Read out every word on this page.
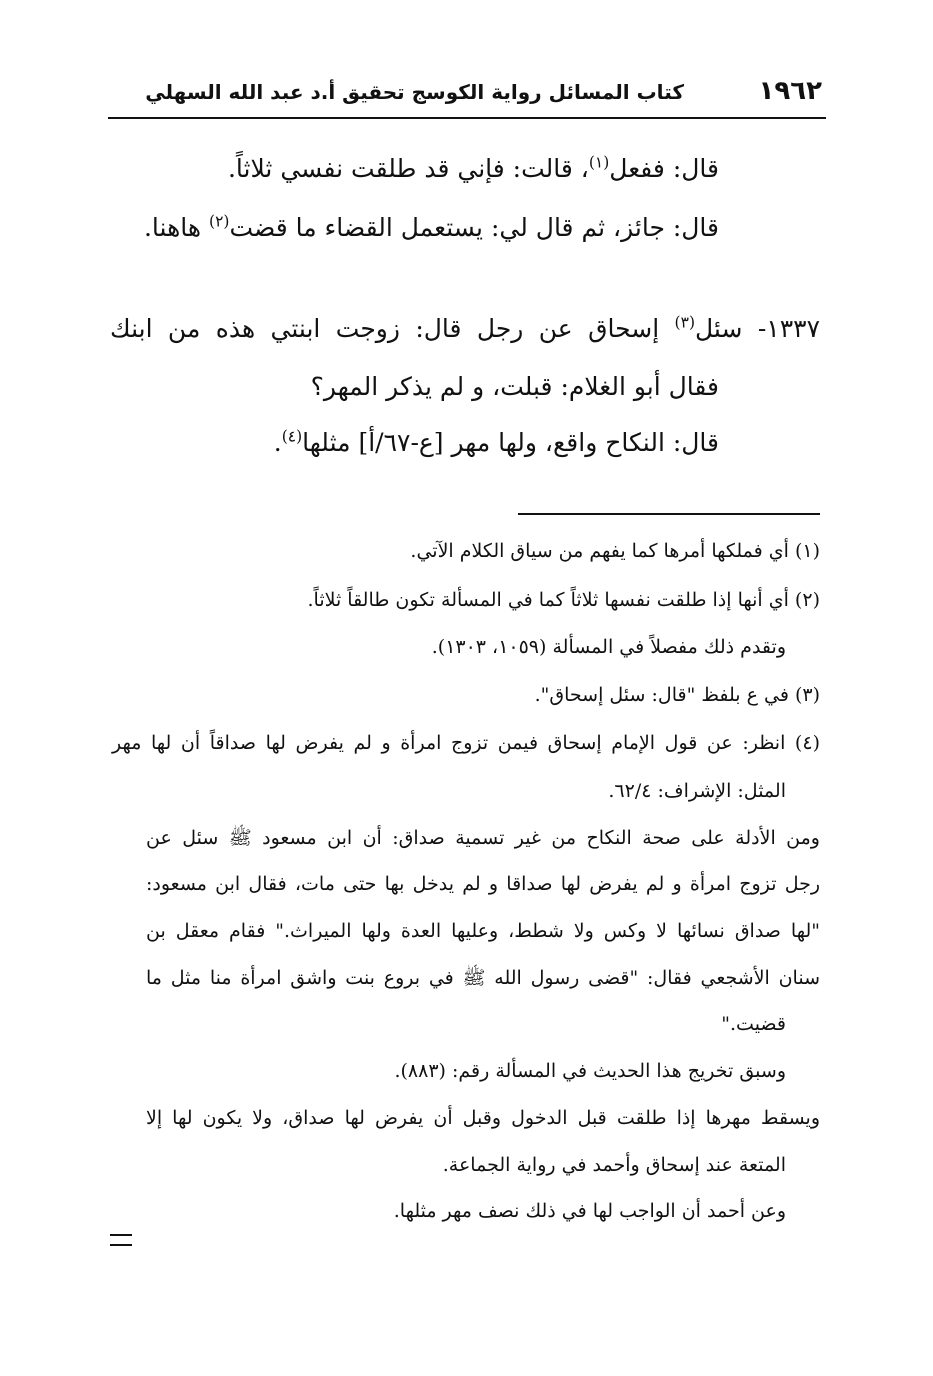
١٩٦٢
كتاب المسائل رواية الكوسج تحقيق أ.د عبد الله السهلي
قال: ففعل$^{(١)}$، قالت: فإني قد طلقت نفسي ثلاثاً.
قال: جائز، ثم قال لي: يستعمل القضاء ما قضت$^{(٢)}$ هاهنا.
١٣٣٧- سئل$^{(٣)}$ إسحاق عن رجل قال: زوجت ابنتي هذه من ابنك
فقال أبو الغلام: قبلت، و لم يذكر المهر؟
قال: النكاح واقع، ولها مهر [ع-٦٧/أ] مثلها$^{(٤)}$.
(١) أي فملكها أمرها كما يفهم من سياق الكلام الآتي.
(٢) أي أنها إذا طلقت نفسها ثلاثاً كما في المسألة تكون طالقاً ثلاثاً.
وتقدم ذلك مفصلاً في المسألة (١٠٥٩، ١٣٠٣).
(٣) في ع بلفظ "قال: سئل إسحاق".
(٤) انظر: عن قول الإمام إسحاق فيمن تزوج امرأة و لم يفرض لها صداقاً أن لها مهر
المثل: الإشراف: ٦٢/٤.
ومن الأدلة على صحة النكاح من غير تسمية صداق: أن ابن مسعود ﷺ سئل عن
رجل تزوج امرأة و لم يفرض لها صداقا و لم يدخل بها حتى مات، فقال ابن مسعود:
"لها صداق نسائها لا وكس ولا شطط، وعليها العدة ولها الميراث." فقام معقل بن
سنان الأشجعي فقال: "قضى رسول الله ﷺ في بروع بنت واشق امرأة منا مثل ما
قضيت."
وسبق تخريج هذا الحديث في المسألة رقم: (٨٨٣).
ويسقط مهرها إذا طلقت قبل الدخول وقبل أن يفرض لها صداق، ولا يكون لها إلا
المتعة عند إسحاق وأحمد في رواية الجماعة.
وعن أحمد أن الواجب لها في ذلك نصف مهر مثلها.
